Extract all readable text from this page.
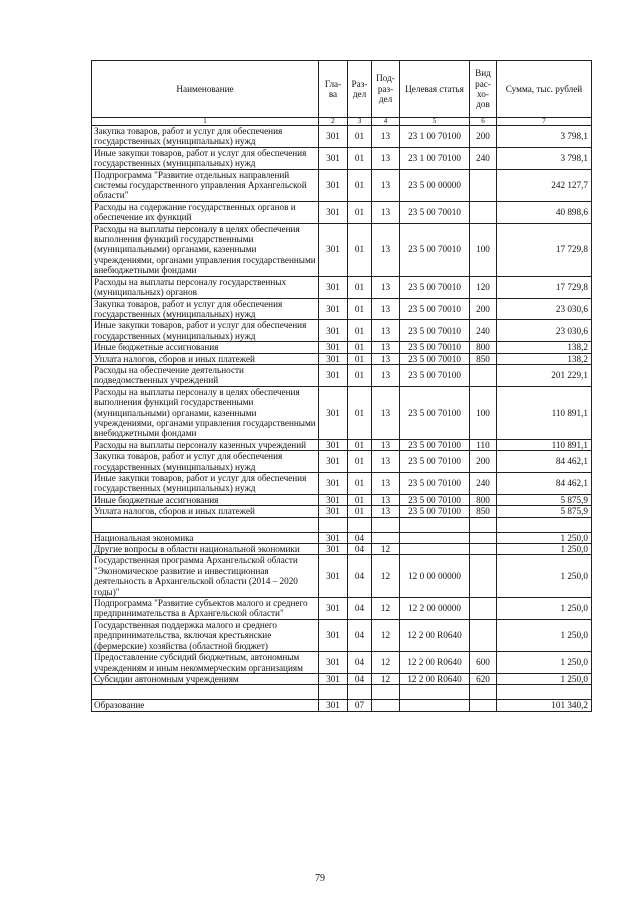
Наименование	Гла-ва	Раз-дел	Под-раз-дел	Целевая статья	Вид рас-хо-дов	Сумма, тыс. рублей
1	2	3	4	5	6	7
Закупка товаров, работ и услуг для обеспечения государственных (муниципальных) нужд	301	01	13	23 1 00 70100	200	3 798,1
Иные закупки товаров, работ и услуг для обеспечения государственных (муниципальных) нужд	301	01	13	23 1 00 70100	240	3 798,1
Подпрограмма "Развитие отдельных направлений системы государственного управления Архангельской области"	301	01	13	23 5 00 00000		242 127,7
Расходы на содержание государственных органов и обеспечение их функций	301	01	13	23 5 00 70010		40 898,6
Расходы на выплаты персоналу в целях обеспечения выполнения функций государственными (муниципальными) органами, казенными учреждениями, органами управления государственными внебюджетными фондами	301	01	13	23 5 00 70010	100	17 729,8
Расходы на выплаты персоналу государственных (муниципальных) органов	301	01	13	23 5 00 70010	120	17 729,8
Закупка товаров, работ и услуг для обеспечения государственных (муниципальных) нужд	301	01	13	23 5 00 70010	200	23 030,6
Иные закупки товаров, работ и услуг для обеспечения государственных (муниципальных) нужд	301	01	13	23 5 00 70010	240	23 030,6
Иные бюджетные ассигнования	301	01	13	23 5 00 70010	800	138,2
Уплата налогов, сборов и иных платежей	301	01	13	23 5 00 70010	850	138,2
Расходы на обеспечение деятельности подведомственных учреждений	301	01	13	23 5 00 70100		201 229,1
Расходы на выплаты персоналу в целях обеспечения выполнения функций государственными (муниципальными) органами, казенными учреждениями, органами управления государственными внебюджетными фондами	301	01	13	23 5 00 70100	100	110 891,1
Расходы на выплаты персоналу казенных учреждений	301	01	13	23 5 00 70100	110	110 891,1
Закупка товаров, работ и услуг для обеспечения государственных (муниципальных) нужд	301	01	13	23 5 00 70100	200	84 462,1
Иные закупки товаров, работ и услуг для обеспечения государственных (муниципальных) нужд	301	01	13	23 5 00 70100	240	84 462,1
Иные бюджетные ассигнования	301	01	13	23 5 00 70100	800	5 875,9
Уплата налогов, сборов и иных платежей	301	01	13	23 5 00 70100	850	5 875,9

Национальная экономика	301	04				1 250,0
Другие вопросы в области национальной экономики	301	04	12			1 250,0
Государственная программа Архангельской области "Экономическое развитие и инвестиционная деятельность в Архангельской области (2014 – 2020 годы)"	301	04	12	12 0 00 00000		1 250,0
Подпрограмма "Развитие субъектов малого и среднего предпринимательства в Архангельской области"	301	04	12	12 2 00 00000		1 250,0
Государственная поддержка малого и среднего предпринимательства, включая крестьянские (фермерские) хозяйства (областной бюджет)	301	04	12	12 2 00 R0640		1 250,0
Предоставление субсидий бюджетным, автономным учреждениям и иным некоммерческим организациям	301	04	12	12 2 00 R0640	600	1 250,0
Субсидии автономным учреждениям	301	04	12	12 2 00 R0640	620	1 250,0

Образование	301	07				101 340,2
79
